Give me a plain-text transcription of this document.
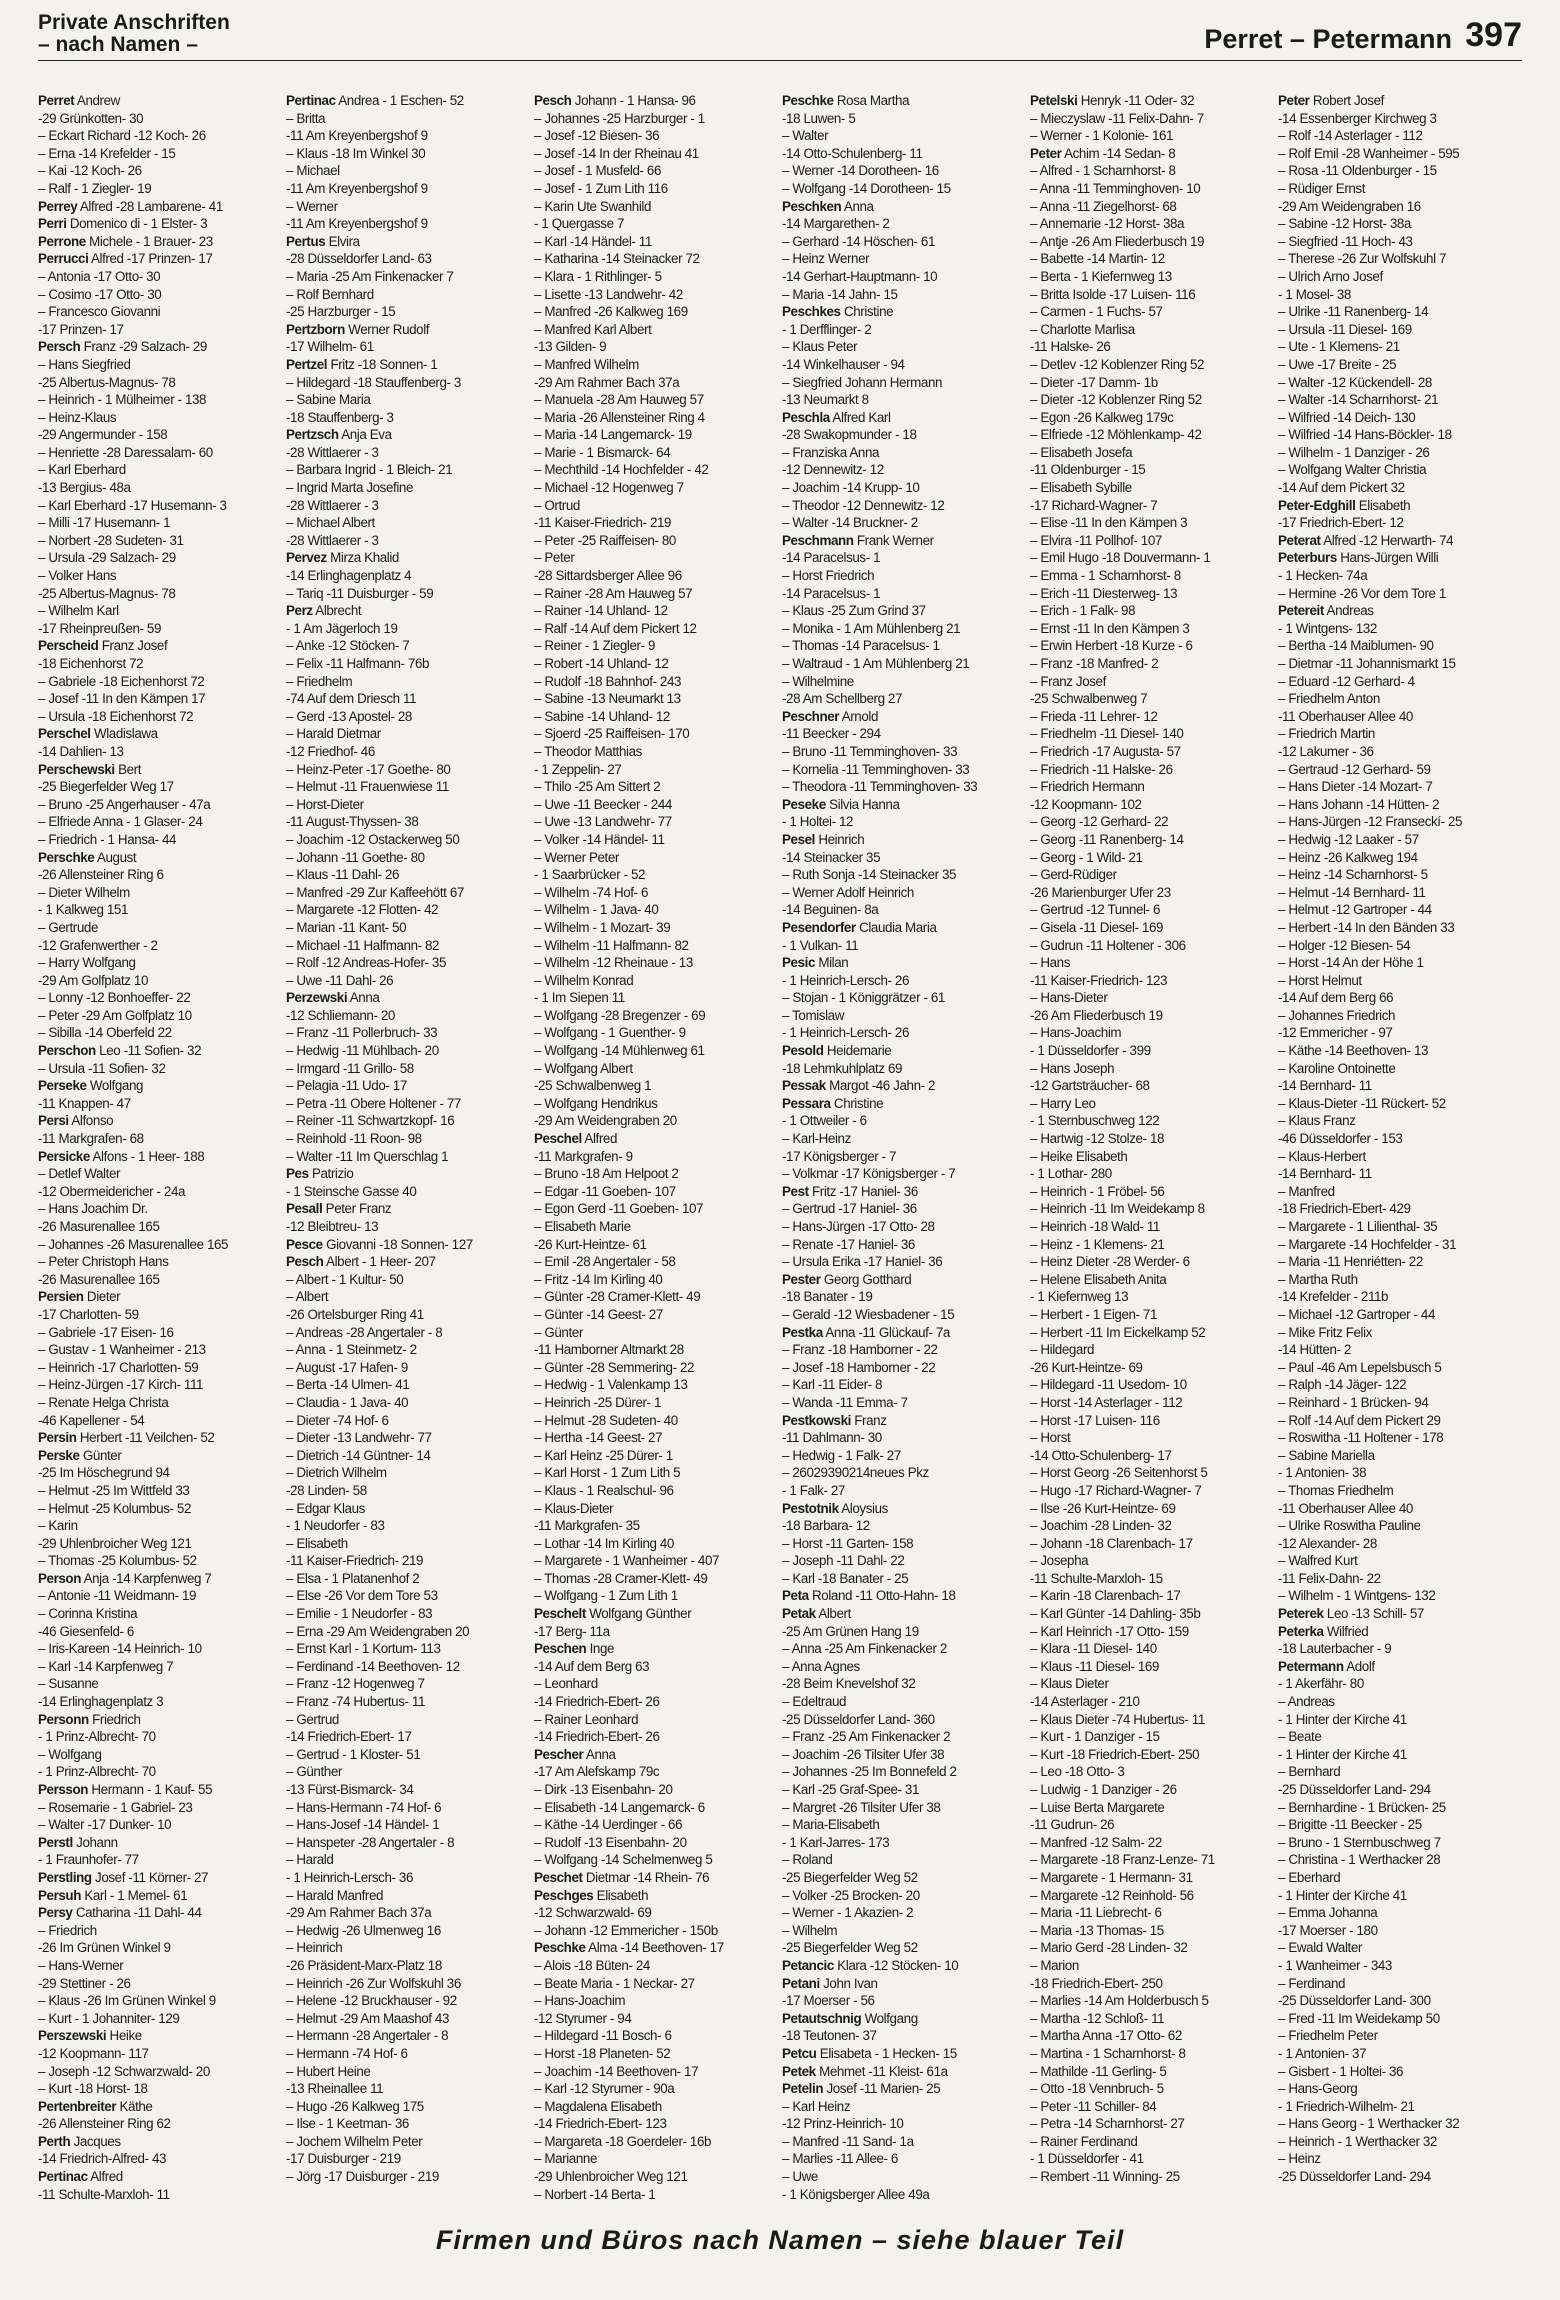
Private Anschriften
– nach Namen –	Perret – Petermann 397
Perret Andrew
-29 Grünkotten- 30
– Eckart Richard -12 Koch- 26
– Erna -14 Krefelder - 15
– Kai -12 Koch- 26
– Ralf - 1 Ziegler- 19
Perrey Alfred -28 Lambarene- 41
Perri Domenico di - 1 Elster- 3
Perrone Michele - 1 Brauer- 23
Perrucci Alfred -17 Prinzen- 17
– Antonia -17 Otto- 30
– Cosimo -17 Otto- 30
– Francesco Giovanni
-17 Prinzen- 17
Persch Franz -29 Salzach- 29
– Hans Siegfried
-25 Albertus-Magnus- 78
– Heinrich - 1 Mülheimer - 138
– Heinz-Klaus
-29 Angermunder - 158
– Henriette -28 Daressalam- 60
– Karl Eberhard
-13 Bergius- 48a
– Karl Eberhard -17 Husemann- 3
– Milli -17 Husemann- 1
– Norbert -28 Sudeten- 31
– Ursula -29 Salzach- 29
– Volker Hans
-25 Albertus-Magnus- 78
– Wilhelm Karl
-17 Rheinpreußen- 59
Perscheid Franz Josef
-18 Eichenhorst 72
– Gabriele -18 Eichenhorst 72
– Josef -11 In den Kämpen 17
– Ursula -18 Eichenhorst 72
Perschel Wladislawa
-14 Dahlien- 13
Perschewski Bert
-25 Biegerfelder Weg 17
– Bruno -25 Angerhauser - 47a
– Elfriede Anna - 1 Glaser- 24
– Friedrich - 1 Hansa- 44
Perschke August
-26 Allensteiner Ring 6
– Dieter Wilhelm
- 1 Kalkweg 151
– Gertrude
-12 Grafenwerther - 2
– Harry Wolfgang
-29 Am Golfplatz 10
– Lonny -12 Bonhoeffer- 22
– Peter -29 Am Golfplatz 10
– Sibilla -14 Oberfeld 22
Perschon Leo -11 Sofien- 32
– Ursula -11 Sofien- 32
Perseke Wolfgang
-11 Knappen- 47
Persi Alfonso
-11 Markgrafen- 68
Persicke Alfons - 1 Heer- 188
– Detlef Walter
-12 Obermeidericher - 24a
– Hans Joachim Dr.
-26 Masurenallee 165
– Johannes -26 Masurenallee 165
– Peter Christoph Hans
-26 Masurenallee 165
Persien Dieter
-17 Charlotten- 59
– Gabriele -17 Eisen- 16
– Gustav - 1 Wanheimer - 213
– Heinrich -17 Charlotten- 59
– Heinz-Jürgen -17 Kirch- 111
– Renate Helga Christa
-46 Kapellener - 54
Persin Herbert -11 Veilchen- 52
Perske Günter
-25 Im Höschegrund 94
– Helmut -25 Im Wittfeld 33
– Helmut -25 Kolumbus- 52
– Karin
-29 Uhlenbroicher Weg 121
– Thomas -25 Kolumbus- 52
Person Anja -14 Karpfenweg 7
– Antonie -11 Weidmann- 19
– Corinna Kristina
-46 Giesenfeld- 6
– Iris-Kareen -14 Heinrich- 10
– Karl -14 Karpfenweg 7
– Susanne
-14 Erlinghagenplatz 3
Personn Friedrich
- 1 Prinz-Albrecht- 70
– Wolfgang
- 1 Prinz-Albrecht- 70
Persson Hermann - 1 Kauf- 55
– Rosemarie - 1 Gabriel- 23
– Walter -17 Dunker- 10
Perstl Johann
- 1 Fraunhofer- 77
Perstling Josef -11 Körner- 27
Persuh Karl - 1 Memel- 61
Persy Catharina -11 Dahl- 44
– Friedrich
-26 Im Grünen Winkel 9
– Hans-Werner
-29 Stettiner - 26
– Klaus -26 Im Grünen Winkel 9
– Kurt - 1 Johanniter- 129
Perszewski Heike
-12 Koopmann- 117
– Joseph -12 Schwarzwald- 20
– Kurt -18 Horst- 18
Pertenbreiter Käthe
-26 Allensteiner Ring 62
Perth Jacques
-14 Friedrich-Alfred- 43
Pertinac Alfred
-11 Schulte-Marxloh- 11
Pertinac Andrea - 1 Eschen- 52
– Britta
-11 Am Kreyenbergshof 9
– Klaus -18 Im Winkel 30
– Michael
-11 Am Kreyenbergshof 9
– Werner
-11 Am Kreyenbergshof 9
Pertus Elvira
-28 Düsseldorfer Land- 63
– Maria -25 Am Finkenacker 7
– Rolf Bernhard
-25 Harzburger - 15
Pertzborn Werner Rudolf
-17 Wilhelm- 61
Pertzel Fritz -18 Sonnen- 1
– Hildegard -18 Stauffenberg- 3
– Sabine Maria
-18 Stauffenberg- 3
Pertzsch Anja Eva
-28 Wittlaerer - 3
– Barbara Ingrid - 1 Bleich- 21
– Ingrid Marta Josefine
-28 Wittlaerer - 3
– Michael Albert
-28 Wittlaerer - 3
Pervez Mirza Khalid
-14 Erlinghagenplatz 4
– Tariq -11 Duisburger - 59
Perz Albrecht
- 1 Am Jägerloch 19
– Anke -12 Stöcken- 7
– Felix -11 Halfmann- 76b
– Friedhelm
-74 Auf dem Driesch 11
– Gerd -13 Apostel- 28
– Harald Dietmar
-12 Friedhof- 46
– Heinz-Peter -17 Goethe- 80
– Helmut -11 Frauenwiese 11
– Horst-Dieter
-11 August-Thyssen- 38
– Joachim -12 Ostackerweg 50
– Johann -11 Goethe- 80
– Klaus -11 Dahl- 26
– Manfred -29 Zur Kaffeehött 67
– Margarete -12 Flotten- 42
– Marian -11 Kant- 50
– Michael -11 Halfmann- 82
– Rolf -12 Andreas-Hofer- 35
– Uwe -11 Dahl- 26
Perzewski Anna
-12 Schliemann- 20
– Franz -11 Pollerbruch- 33
– Hedwig -11 Mühlbach- 20
– Irmgard -11 Grillo- 58
– Pelagia -11 Udo- 17
– Petra -11 Obere Holtener - 77
– Reiner -11 Schwartzkopf- 16
– Reinhold -11 Roon- 98
– Walter -11 Im Querschlag 1
Pes Patrizio
- 1 Steinsche Gasse 40
Pesall Peter Franz
-12 Bleibtreu- 13
Pesce Giovanni -18 Sonnen- 127
Pesch Albert - 1 Heer- 207
– Albert - 1 Kultur- 50
– Albert
-26 Ortelsburger Ring 41
– Andreas -28 Angertaler - 8
– Anna - 1 Steinmetz- 2
– August -17 Hafen- 9
– Berta -14 Ulmen- 41
– Claudia - 1 Java- 40
– Dieter -74 Hof- 6
– Dieter -13 Landwehr- 77
– Dietrich -14 Güntner- 14
– Dietrich Wilhelm
-28 Linden- 58
– Edgar Klaus
- 1 Neudorfer - 83
– Elisabeth
-11 Kaiser-Friedrich- 219
– Elsa - 1 Platanenhof 2
– Else -26 Vor dem Tore 53
– Emilie - 1 Neudorfer - 83
– Erna -29 Am Weidengraben 20
– Ernst Karl - 1 Kortum- 113
– Ferdinand -14 Beethoven- 12
– Franz -12 Hogenweg 7
– Franz -74 Hubertus- 11
– Gertrud
-14 Friedrich-Ebert- 17
– Gertrud - 1 Kloster- 51
– Günther
-13 Fürst-Bismarck- 34
– Hans-Hermann -74 Hof- 6
– Hans-Josef -14 Händel- 1
– Hanspeter -28 Angertaler - 8
– Harald
- 1 Heinrich-Lersch- 36
– Harald Manfred
-29 Am Rahmer Bach 37a
– Hedwig -26 Ulmenweg 16
– Heinrich
-26 Präsident-Marx-Platz 18
– Heinrich -26 Zur Wolfskuhl 36
– Helene -12 Bruckhauser - 92
– Helmut -29 Am Maashof 43
– Hermann -28 Angertaler - 8
– Hermann -74 Hof- 6
– Hubert Heine
-13 Rheinallee 11
– Hugo -26 Kalkweg 175
– Ilse - 1 Keetman- 36
– Jochem Wilhelm Peter
-17 Duisburger - 219
– Jörg -17 Duisburger - 219
Pesch Johann - 1 Hansa- 96
– Johannes -25 Harzburger - 1
– Josef -12 Biesen- 36
– Josef -14 In der Rheinau 41
– Josef - 1 Musfeld- 66
– Josef - 1 Zum Lith 116
– Karin Ute Swanhild
- 1 Quergasse 7
– Karl -14 Händel- 11
– Katharina -14 Steinacker 72
– Klara - 1 Rithlinger- 5
– Lisette -13 Landwehr- 42
– Manfred -26 Kalkweg 169
– Manfred Karl Albert
-13 Gilden- 9
– Manfred Wilhelm
-29 Am Rahmer Bach 37a
– Manuela -28 Am Hauweg 57
– Maria -26 Allensteiner Ring 4
– Maria -14 Langemarck- 19
– Marie - 1 Bismarck- 64
– Mechthild -14 Hochfelder - 42
– Michael -12 Hogenweg 7
– Ortrud
-11 Kaiser-Friedrich- 219
– Peter -25 Raiffeisen- 80
– Peter
-28 Sittardsberger Allee 96
– Rainer -28 Am Hauweg 57
– Rainer -14 Uhland- 12
– Ralf -14 Auf dem Pickert 12
– Reiner - 1 Ziegler- 9
– Robert -14 Uhland- 12
– Rudolf -18 Bahnhof- 243
– Sabine -13 Neumarkt 13
– Sabine -14 Uhland- 12
– Sjoerd -25 Raiffeisen- 170
– Theodor Matthias
- 1 Zeppelin- 27
– Thilo -25 Am Sittert 2
– Uwe -11 Beecker - 244
– Uwe -13 Landwehr- 77
– Volker -14 Händel- 11
– Werner Peter
- 1 Saarbrücker - 52
– Wilhelm -74 Hof- 6
– Wilhelm - 1 Java- 40
– Wilhelm - 1 Mozart- 39
– Wilhelm -11 Halfmann- 82
– Wilhelm -12 Rheinaue - 13
– Wilhelm Konrad
- 1 Im Siepen 11
– Wolfgang -28 Bregenzer - 69
– Wolfgang - 1 Guenther- 9
– Wolfgang -14 Mühlenweg 61
– Wolfgang Albert
-25 Schwalbenweg 1
– Wolfgang Hendrikus
-29 Am Weidengraben 20
Peschel Alfred
-11 Markgrafen- 9
– Bruno -18 Am Helpoot 2
– Edgar -11 Goeben- 107
– Egon Gerd -11 Goeben- 107
– Elisabeth Marie
-26 Kurt-Heintze- 61
– Emil -28 Angertaler - 58
– Fritz -14 Im Kirling 40
– Günter -28 Cramer-Klett- 49
– Günter -14 Geest- 27
– Günter
-11 Hamborner Altmarkt 28
– Günter -28 Semmering- 22
– Hedwig - 1 Valenkamp 13
– Heinrich -25 Dürer- 1
– Helmut -28 Sudeten- 40
– Hertha -14 Geest- 27
– Karl Heinz -25 Dürer- 1
– Karl Horst - 1 Zum Lith 5
– Klaus - 1 Realschul- 96
– Klaus-Dieter
-11 Markgrafen- 35
– Lothar -14 Im Kirling 40
– Margarete - 1 Wanheimer - 407
– Thomas -28 Cramer-Klett- 49
– Wolfgang - 1 Zum Lith 1
Peschelt Wolfgang Günther
-17 Berg- 11a
Peschen Inge
-14 Auf dem Berg 63
– Leonhard
-14 Friedrich-Ebert- 26
– Rainer Leonhard
-14 Friedrich-Ebert- 26
Pescher Anna
-17 Am Alefskamp 79c
– Dirk -13 Eisenbahn- 20
– Elisabeth -14 Langemarck- 6
– Käthe -14 Uerdinger - 66
– Rudolf -13 Eisenbahn- 20
– Wolfgang -14 Schelmenweg 5
Peschet Dietmar -14 Rhein- 76
Peschges Elisabeth
-12 Schwarzwald- 69
– Johann -12 Emmericher - 150b
Peschke Alma -14 Beethoven- 17
– Alois -18 Büten- 24
– Beate Maria - 1 Neckar- 27
– Hans-Joachim
-12 Styrumer - 94
– Hildegard -11 Bosch- 6
– Horst -18 Planeten- 52
– Joachim -14 Beethoven- 17
– Karl -12 Styrumer - 90a
– Magdalena Elisabeth
-14 Friedrich-Ebert- 123
– Margareta -18 Goerdeler- 16b
– Marianne
-29 Uhlenbroicher Weg 121
– Norbert -14 Berta- 1
Peschke Rosa Martha
-18 Luwen- 5
– Walter
-14 Otto-Schulenberg- 11
– Werner -14 Dorotheen- 16
– Wolfgang -14 Dorotheen- 15
Peschken Anna
-14 Margarethen- 2
– Gerhard -14 Höschen- 61
– Heinz Werner
-14 Gerhart-Hauptmann- 10
– Maria -14 Jahn- 15
Peschkes Christine
- 1 Derfflinger- 2
– Klaus Peter
-14 Winkelhauser - 94
– Siegfried Johann Hermann
-13 Neumarkt 8
Peschla Alfred Karl
-28 Swakopmunder - 18
– Franziska Anna
-12 Dennewitz- 12
– Joachim -14 Krupp- 10
– Theodor -12 Dennewitz- 12
– Walter -14 Bruckner- 2
Peschmann Frank Werner
-14 Paracelsus- 1
– Horst Friedrich
-14 Paracelsus- 1
– Klaus -25 Zum Grind 37
– Monika - 1 Am Mühlenberg 21
– Thomas -14 Paracelsus- 1
– Waltraud - 1 Am Mühlenberg 21
– Wilhelmine
-28 Am Schellberg 27
Peschner Arnold
-11 Beecker - 294
– Bruno -11 Temminghoven- 33
– Kornelia -11 Temminghoven- 33
– Theodora -11 Temminghoven- 33
Peseke Silvia Hanna
- 1 Holtei- 12
Pesel Heinrich
-14 Steinacker 35
– Ruth Sonja -14 Steinacker 35
– Werner Adolf Heinrich
-14 Beguinen- 8a
Pesendorfer Claudia Maria
- 1 Vulkan- 11
Pesic Milan
- 1 Heinrich-Lersch- 26
– Stojan - 1 Königgrätzer - 61
– Tomislaw
- 1 Heinrich-Lersch- 26
Pesold Heidemarie
-18 Lehmkuhlplatz 69
Pessak Margot -46 Jahn- 2
Pessara Christine
- 1 Ottweiler - 6
– Karl-Heinz
-17 Königsberger - 7
– Volkmar -17 Königsberger - 7
Pest Fritz -17 Haniel- 36
– Gertrud -17 Haniel- 36
– Hans-Jürgen -17 Otto- 28
– Renate -17 Haniel- 36
– Ursula Erika -17 Haniel- 36
Pester Georg Gotthard
-18 Banater - 19
– Gerald -12 Wiesbadener - 15
Pestka Anna -11 Glückauf- 7a
– Franz -18 Hamborner - 22
– Josef -18 Hamborner - 22
– Karl -11 Eider- 8
– Wanda -11 Emma- 7
Pestkowski Franz
-11 Dahlmann- 30
– Hedwig - 1 Falk- 27
– 26029390214neues Pkz
- 1 Falk- 27
Pestotnik Aloysius
-18 Barbara- 12
– Horst -11 Garten- 158
– Joseph -11 Dahl- 22
– Karl -18 Banater - 25
Peta Roland -11 Otto-Hahn- 18
Petak Albert
-25 Am Grünen Hang 19
– Anna -25 Am Finkenacker 2
– Anna Agnes
-28 Beim Knevelshof 32
– Edeltraud
-25 Düsseldorfer Land- 360
– Franz -25 Am Finkenacker 2
– Joachim -26 Tilsiter Ufer 38
– Johannes -25 Im Bonnefeld 2
– Karl -25 Graf-Spee- 31
– Margret -26 Tilsiter Ufer 38
– Maria-Elisabeth
- 1 Karl-Jarres- 173
– Roland
-25 Biegerfelder Weg 52
– Volker -25 Brocken- 20
– Werner - 1 Akazien- 2
– Wilhelm
-25 Biegerfelder Weg 52
Petancic Klara -12 Stöcken- 10
Petani John Ivan
-17 Moerser - 56
Petautschnig Wolfgang
-18 Teutonen- 37
Petcu Elisabeta - 1 Hecken- 15
Petek Mehmet -11 Kleist- 61a
Petelin Josef -11 Marien- 25
– Karl Heinz
-12 Prinz-Heinrich- 10
– Manfred -11 Sand- 1a
– Marlies -11 Allee- 6
– Uwe
- 1 Königsberger Allee 49a
Petelski Henryk -11 Oder- 32
– Mieczyslaw -11 Felix-Dahn- 7
– Werner - 1 Kolonie- 161
Peter Achim -14 Sedan- 8
– Alfred - 1 Scharnhorst- 8
– Anna -11 Temminghoven- 10
– Anna -11 Ziegelhorst- 68
– Annemarie -12 Horst- 38a
– Antje -26 Am Fliederbusch 19
– Babette -14 Martin- 12
– Berta - 1 Kiefernweg 13
– Britta Isolde -17 Luisen- 116
– Carmen - 1 Fuchs- 57
– Charlotte Marlisa
-11 Halske- 26
– Detlev -12 Koblenzer Ring 52
– Dieter -17 Damm- 1b
– Dieter -12 Koblenzer Ring 52
– Egon -26 Kalkweg 179c
– Elfriede -12 Möhlenkamp- 42
– Elisabeth Josefa
-11 Oldenburger - 15
– Elisabeth Sybille
-17 Richard-Wagner- 7
– Elise -11 In den Kämpen 3
– Elvira -11 Pollhof- 107
– Emil Hugo -18 Douvermann- 1
– Emma - 1 Scharnhorst- 8
– Erich -11 Diesterweg- 13
– Erich - 1 Falk- 98
– Ernst -11 In den Kämpen 3
– Erwin Herbert -18 Kurze - 6
– Franz -18 Manfred- 2
– Franz Josef
-25 Schwalbenweg 7
– Frieda -11 Lehrer- 12
– Friedhelm -11 Diesel- 140
– Friedrich -17 Augusta- 57
– Friedrich -11 Halske- 26
– Friedrich Hermann
-12 Koopmann- 102
– Georg -12 Gerhard- 22
– Georg -11 Ranenberg- 14
– Georg - 1 Wild- 21
– Gerd-Rüdiger
-26 Marienburger Ufer 23
– Gertrud -12 Tunnel- 6
– Gisela -11 Diesel- 169
– Gudrun -11 Holtener - 306
– Hans
-11 Kaiser-Friedrich- 123
– Hans-Dieter
-26 Am Fliederbusch 19
– Hans-Joachim
- 1 Düsseldorfer - 399
– Hans Joseph
-12 Gartsträucher- 68
– Harry Leo
- 1 Sternbuschweg 122
– Hartwig -12 Stolze- 18
– Heike Elisabeth
- 1 Lothar- 280
– Heinrich - 1 Fröbel- 56
– Heinrich -11 Im Weidekamp 8
– Heinrich -18 Wald- 11
– Heinz - 1 Klemens- 21
– Heinz Dieter -28 Werder- 6
– Helene Elisabeth Anita
- 1 Kiefernweg 13
– Herbert - 1 Eigen- 71
– Herbert -11 Im Eickelkamp 52
– Hildegard
-26 Kurt-Heintze- 69
– Hildegard -11 Usedom- 10
– Horst -14 Asterlager - 112
– Horst -17 Luisen- 116
– Horst
-14 Otto-Schulenberg- 17
– Horst Georg -26 Seitenhorst 5
– Hugo -17 Richard-Wagner- 7
– Ilse -26 Kurt-Heintze- 69
– Joachim -28 Linden- 32
– Johann -18 Clarenbach- 17
– Josepha
-11 Schulte-Marxloh- 15
– Karin -18 Clarenbach- 17
– Karl Günter -14 Dahling- 35b
– Karl Heinrich -17 Otto- 159
– Klara -11 Diesel- 140
– Klaus -11 Diesel- 169
– Klaus Dieter
-14 Asterlager - 210
– Klaus Dieter -74 Hubertus- 11
– Kurt - 1 Danziger - 15
– Kurt -18 Friedrich-Ebert- 250
– Leo -18 Otto- 3
– Ludwig - 1 Danziger - 26
– Luise Berta Margarete
-11 Gudrun- 26
– Manfred -12 Salm- 22
– Margarete -18 Franz-Lenze- 71
– Margarete - 1 Hermann- 31
– Margarete -12 Reinhold- 56
– Maria -11 Liebrecht- 6
– Maria -13 Thomas- 15
– Mario Gerd -28 Linden- 32
– Marion
-18 Friedrich-Ebert- 250
– Marlies -14 Am Holderbusch 5
– Martha -12 Schloß- 11
– Martha Anna -17 Otto- 62
– Martina - 1 Scharnhorst- 8
– Mathilde -11 Gerling- 5
– Otto -18 Vennbruch- 5
– Peter -11 Schiller- 84
– Petra -14 Scharnhorst- 27
– Rainer Ferdinand
- 1 Düsseldorfer - 41
– Rembert -11 Winning- 25
Peter Robert Josef
-14 Essenberger Kirchweg 3
– Rolf -14 Asterlager - 112
– Rolf Emil -28 Wanheimer - 595
– Rosa -11 Oldenburger - 15
– Rüdiger Ernst
-29 Am Weidengraben 16
– Sabine -12 Horst- 38a
– Siegfried -11 Hoch- 43
– Therese -26 Zur Wolfskuhl 7
– Ulrich Arno Josef
- 1 Mosel- 38
– Ulrike -11 Ranenberg- 14
– Ursula -11 Diesel- 169
– Ute - 1 Klemens- 21
– Uwe -17 Breite - 25
– Walter -12 Kückendell- 28
– Walter -14 Scharnhorst- 21
– Wilfried -14 Deich- 130
– Wilfried -14 Hans-Böckler- 18
– Wilhelm - 1 Danziger - 26
– Wolfgang Walter Christia
-14 Auf dem Pickert 32
Peter-Edghill Elisabeth
-17 Friedrich-Ebert- 12
Peterat Alfred -12 Herwarth- 74
Peterburs Hans-Jürgen Willi
- 1 Hecken- 74a
– Hermine -26 Vor dem Tore 1
Petereit Andreas
- 1 Wintgens- 132
– Bertha -14 Maiblumen- 90
– Dietmar -11 Johannismarkt 15
– Eduard -12 Gerhard- 4
– Friedhelm Anton
-11 Oberhauser Allee 40
– Friedrich Martin
-12 Lakumer - 36
– Gertraud -12 Gerhard- 59
– Hans Dieter -14 Mozart- 7
– Hans Johann -14 Hütten- 2
– Hans-Jürgen -12 Franseckí- 25
– Hedwig -12 Laaker - 57
– Heinz -26 Kalkweg 194
– Heinz -14 Scharnhorst- 5
– Helmut -14 Bernhard- 11
– Helmut -12 Gartroper - 44
– Herbert -14 In den Bänden 33
– Holger -12 Biesen- 54
– Horst -14 An der Höhe 1
– Horst Helmut
-14 Auf dem Berg 66
– Johannes Friedrich
-12 Emmericher - 97
– Käthe -14 Beethoven- 13
– Karoline Ontoinette
-14 Bernhard- 11
– Klaus-Dieter -11 Rückert- 52
– Klaus Franz
-46 Düsseldorfer - 153
– Klaus-Herbert
-14 Bernhard- 11
– Manfred
-18 Friedrich-Ebert- 429
– Margarete - 1 Lilienthal- 35
– Margarete -14 Hochfelder - 31
– Maria -11 Henriétten- 22
– Martha Ruth
-14 Krefelder - 211b
– Michael -12 Gartroper - 44
– Mike Fritz Felix
-14 Hütten- 2
– Paul -46 Am Lepelsbusch 5
– Ralph -14 Jäger- 122
– Reinhard - 1 Brücken- 94
– Rolf -14 Auf dem Pickert 29
– Roswitha -11 Holtener - 178
– Sabine Mariella
- 1 Antonien- 38
– Thomas Friedhelm
-11 Oberhauser Allee 40
– Ulrike Roswitha Pauline
-12 Alexander- 28
– Walfred Kurt
-11 Felix-Dahn- 22
– Wilhelm - 1 Wintgens- 132
Peterek Leo -13 Schill- 57
Peterka Wilfried
-18 Lauterbacher - 9
Petermann Adolf
- 1 Akerfähr- 80
– Andreas
- 1 Hinter der Kirche 41
– Beate
- 1 Hinter der Kirche 41
– Bernhard
-25 Düsseldorfer Land- 294
– Bernhardine - 1 Brücken- 25
– Brigitte -11 Beecker - 25
– Bruno - 1 Sternbuschweg 7
– Christina - 1 Werthacker 28
– Eberhard
- 1 Hinter der Kirche 41
– Emma Johanna
-17 Moerser - 180
– Ewald Walter
- 1 Wanheimer - 343
– Ferdinand
-25 Düsseldorfer Land- 300
– Fred -11 Im Weidekamp 50
– Friedhelm Peter
- 1 Antonien- 37
– Gisbert - 1 Holtei- 36
– Hans-Georg
- 1 Friedrich-Wilhelm- 21
– Hans Georg - 1 Werthacker 32
– Heinrich - 1 Werthacker 32
– Heinz
-25 Düsseldorfer Land- 294
Firmen und Büros nach Namen – siehe blauer Teil
